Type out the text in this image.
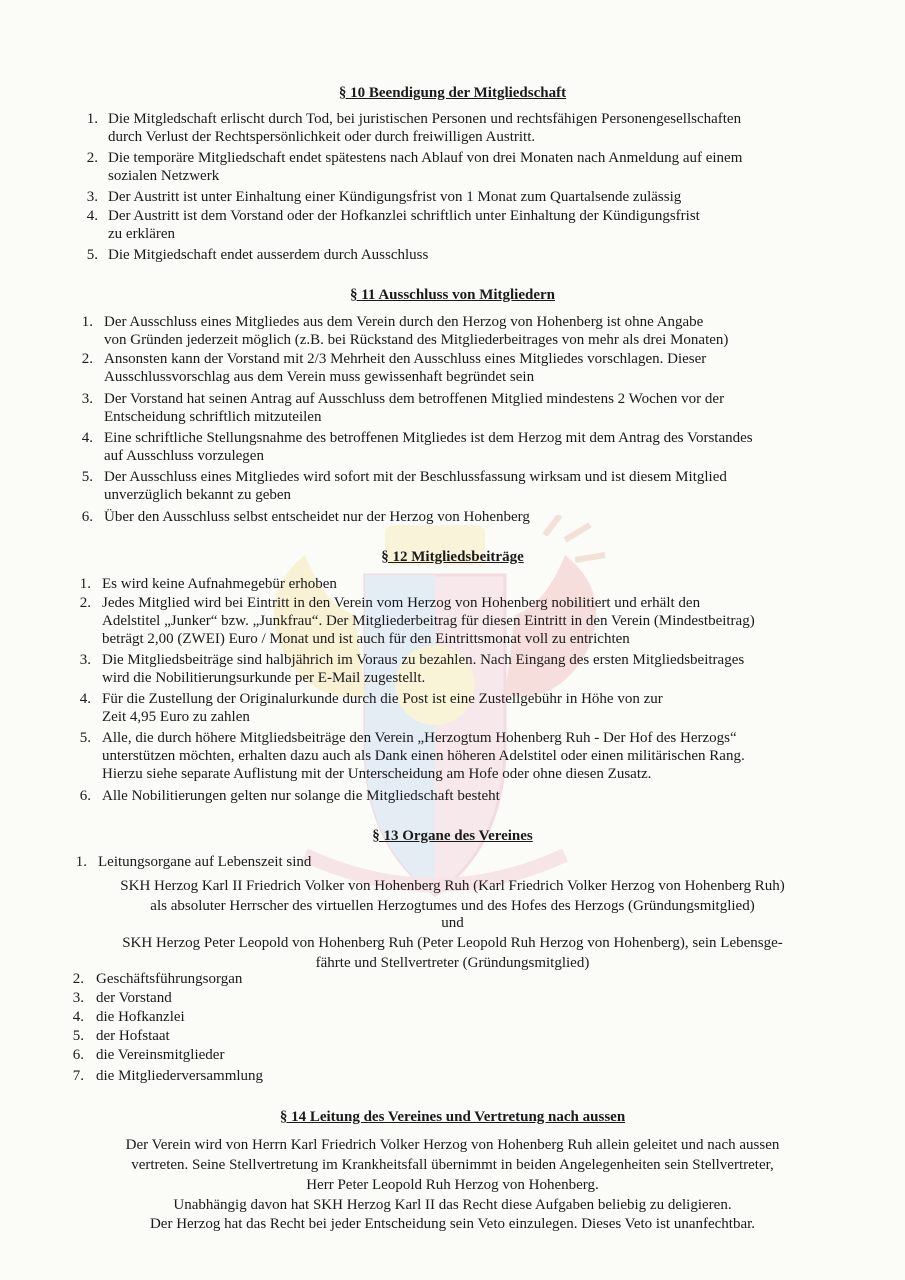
§ 10 Beendigung der Mitgliedschaft
1. Die Mitgledschaft erlischt durch Tod, bei juristischen Personen und rechtsfähigen Personengesellschaften
durch Verlust der Rechtspersönlichkeit oder durch freiwilligen Austritt.
2. Die temporäre Mitgliedschaft endet spätestens nach Ablauf von drei Monaten nach Anmeldung auf einem
sozialen Netzwerk
3. Der Austritt ist unter Einhaltung einer Kündigungsfrist von 1 Monat zum Quartalsende zulässig
4. Der Austritt ist dem Vorstand oder der Hofkanzlei schriftlich unter Einhaltung der Kündigungsfrist
zu erklären
5. Die Mitgiedschaft endet ausserdem durch Ausschluss
§ 11 Ausschluss von Mitgliedern
1. Der Ausschluss eines Mitgliedes aus dem Verein durch den Herzog von Hohenberg ist ohne Angabe
von Gründen jederzeit möglich (z.B. bei Rückstand des Mitgliederbeitrages von mehr als drei Monaten)
2. Ansonsten kann der Vorstand mit 2/3 Mehrheit den Ausschluss eines Mitgliedes vorschlagen. Dieser
Ausschlussvorschlag aus dem Verein muss gewissenhaft begründet sein
3. Der Vorstand hat seinen Antrag auf Ausschluss dem betroffenen Mitglied mindestens 2 Wochen vor der
Entscheidung schriftlich mitzuteilen
4. Eine schriftliche Stellungsnahme des betroffenen Mitgliedes ist dem Herzog mit dem Antrag des Vorstandes
auf Ausschluss vorzulegen
5. Der Ausschluss eines Mitgliedes wird sofort mit der Beschlussfassung wirksam und ist diesem Mitglied
unverzüglich bekannt zu geben
6. Über den Ausschluss selbst entscheidet nur der Herzog von Hohenberg
§ 12 Mitgliedsbeiträge
1. Es wird keine Aufnahmegebür erhoben
2. Jedes Mitglied wird bei Eintritt in den Verein vom Herzog von Hohenberg nobilitiert und erhält den
Adelstitel „Junker“ bzw. „Junkfrau“. Der Mitgliederbeitrag für diesen Eintritt in den Verein (Mindestbeitrag)
beträgt 2,00 (ZWEI) Euro / Monat und ist auch für den Eintrittsmonat voll zu entrichten
3. Die Mitgliedsbeiträge sind halbjährich im Voraus zu bezahlen. Nach Eingang des ersten Mitgliedsbeitrages
wird die Nobilitierungsurkunde per E-Mail zugestellt.
4. Für die Zustellung der Originalurkunde durch die Post ist eine Zustellgebühr in Höhe von zur
Zeit 4,95 Euro zu zahlen
5. Alle, die durch höhere Mitgliedsbeiträge den Verein „Herzogtum Hohenberg Ruh - Der Hof des Herzogs“
unterstützen möchten, erhalten dazu auch als Dank einen höheren Adelstitel oder einen militärischen Rang.
Hierzu siehe separate Auflistung mit der Unterscheidung am Hofe oder ohne diesen Zusatz.
6. Alle Nobilitierungen gelten nur solange die Mitgliedschaft besteht
§ 13 Organe des Vereines
1. Leitungsorgane auf Lebenszeit sind
SKH Herzog Karl II Friedrich Volker von Hohenberg Ruh (Karl Friedrich Volker Herzog von Hohenberg Ruh)
als absoluter Herrscher des virtuellen Herzogtumes und des Hofes des Herzogs (Gründungsmitglied)
und
SKH Herzog Peter Leopold von Hohenberg Ruh (Peter Leopold Ruh Herzog von Hohenberg), sein Lebensge-
fährte und Stellvertreter (Gründungsmitglied)
2. Geschäftsführungsorgan
3. der Vorstand
4. die Hofkanzlei
5. der Hofstaat
6. die Vereinsmitglieder
7. die Mitgliederversammlung
§ 14 Leitung des Vereines und Vertretung nach aussen
Der Verein wird von Herrn Karl Friedrich Volker Herzog von Hohenberg Ruh allein geleitet und nach aussen
vertreten. Seine Stellvertretung im Krankheitsfall übernimmt in beiden Angelegenheiten sein Stellvertreter,
Herr Peter Leopold Ruh Herzog von Hohenberg.
Unabhängig davon hat SKH Herzog Karl II das Recht diese Aufgaben beliebig zu deligieren.
Der Herzog hat das Recht bei jeder Entscheidung sein Veto einzulegen. Dieses Veto ist unanfechtbar.
